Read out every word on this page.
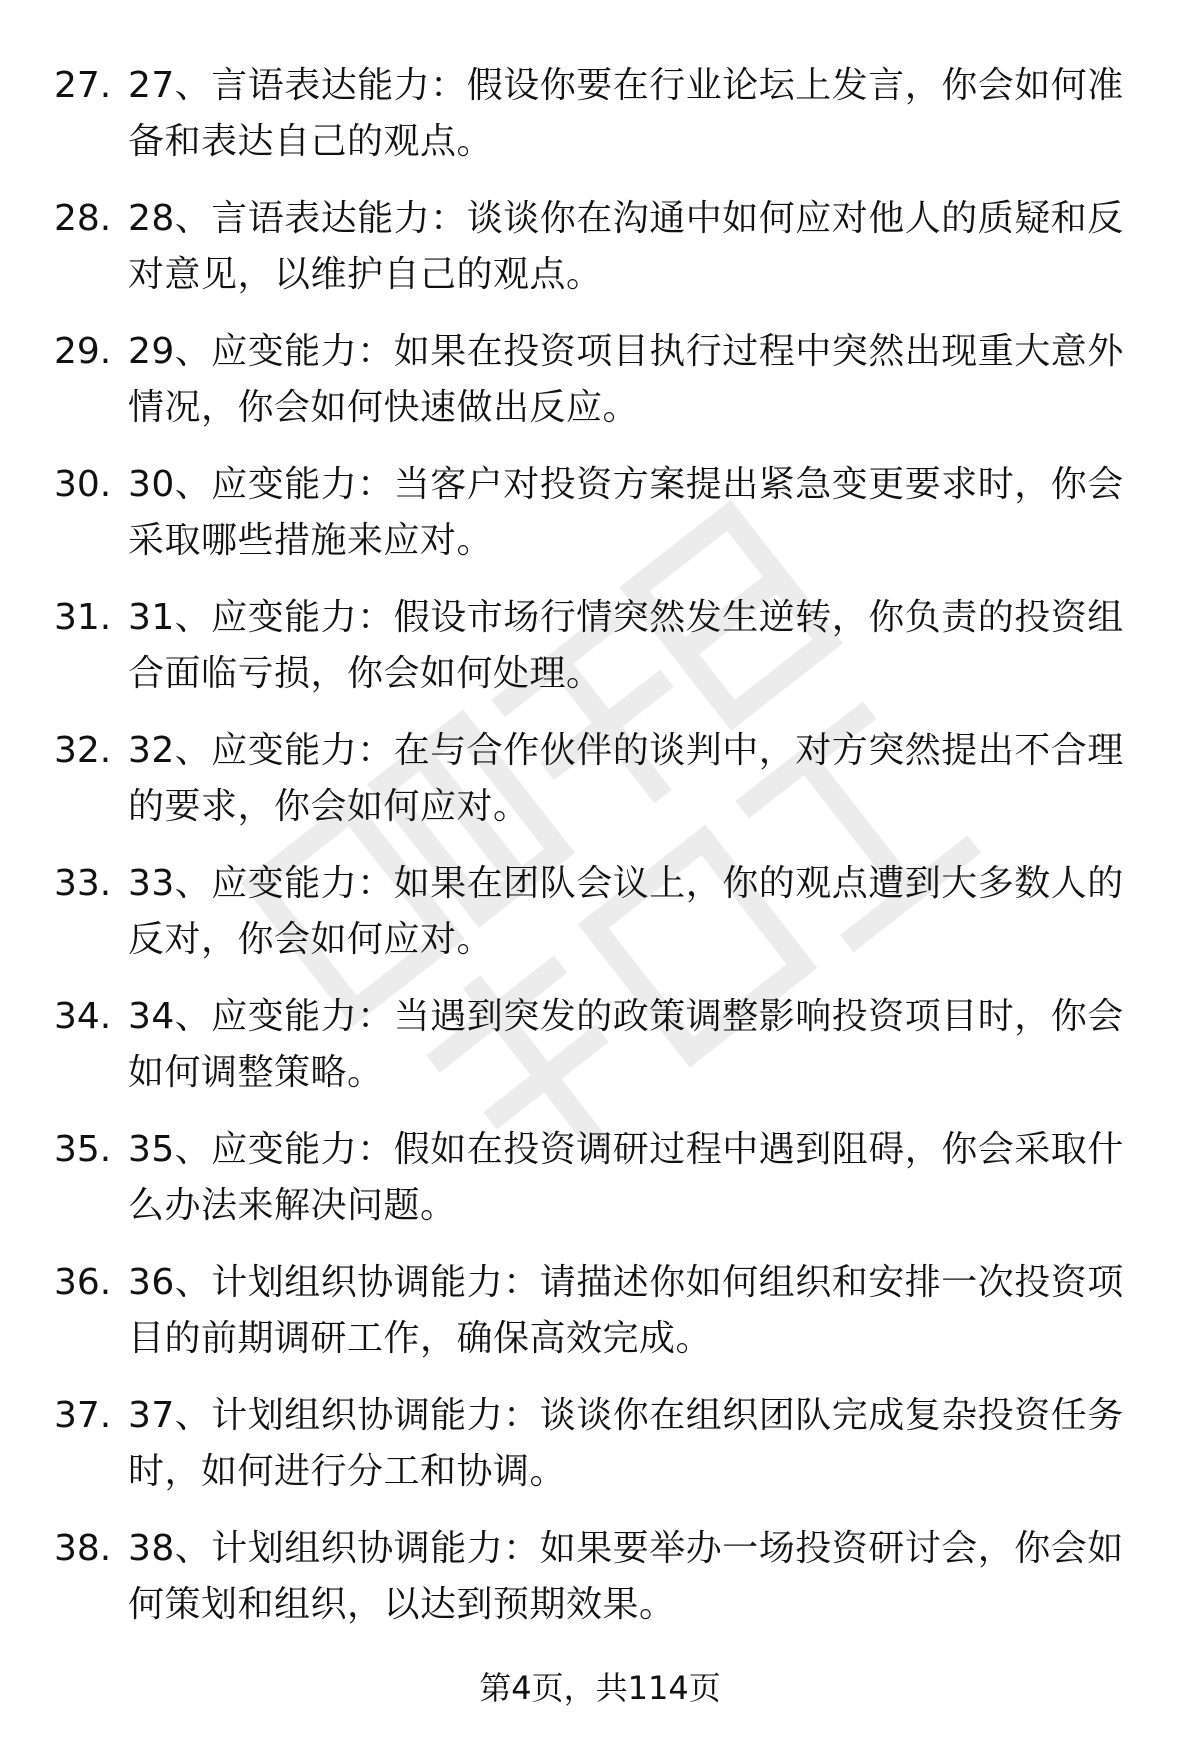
27. 27、言语表达能力：假设你要在行业论坛上发言，你会如何准备和表达自己的观点。
28. 28、言语表达能力：谈谈你在沟通中如何应对他人的质疑和反对意见，以维护自己的观点。
29. 29、应变能力：如果在投资项目执行过程中突然出现重大意外情况，你会如何快速做出反应。
30. 30、应变能力：当客户对投资方案提出紧急变更要求时，你会采取哪些措施来应对。
31. 31、应变能力：假设市场行情突然发生逆转，你负责的投资组合面临亏损，你会如何处理。
32. 32、应变能力：在与合作伙伴的谈判中，对方突然提出不合理的要求，你会如何应对。
33. 33、应变能力：如果在团队会议上，你的观点遭到大多数人的反对，你会如何应对。
34. 34、应变能力：当遇到突发的政策调整影响投资项目时，你会如何调整策略。
35. 35、应变能力：假如在投资调研过程中遇到阻碍，你会采取什么办法来解决问题。
36. 36、计划组织协调能力：请描述你如何组织和安排一次投资项目的前期调研工作，确保高效完成。
37. 37、计划组织协调能力：谈谈你在组织团队完成复杂投资任务时，如何进行分工和协调。
38. 38、计划组织协调能力：如果要举办一场投资研讨会，你会如何策划和组织，以达到预期效果。
第4页，共114页
